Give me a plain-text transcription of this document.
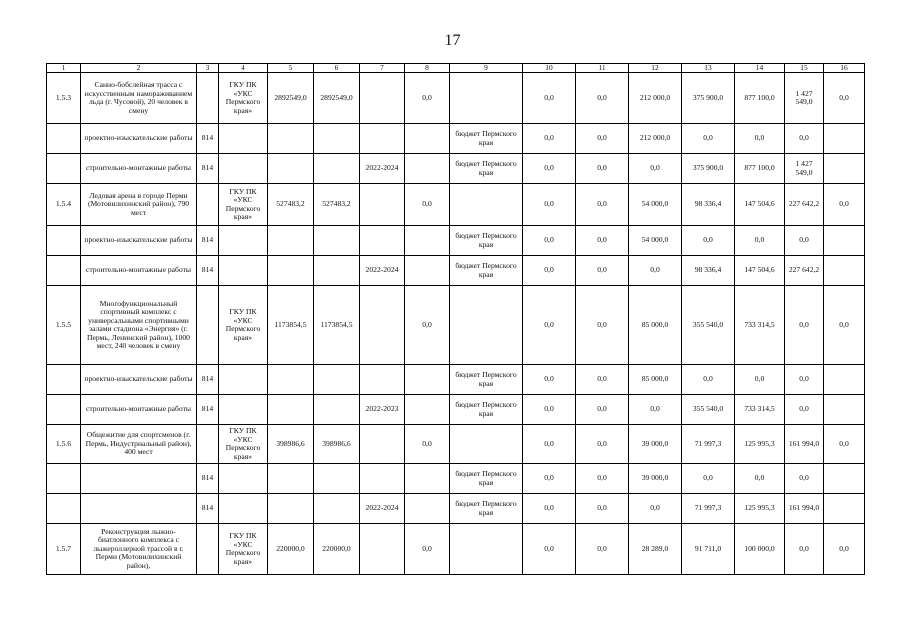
17
1	2	3	4	5	6	7	8	9	10	11	12	13	14	15	16
1.5.3	Санно-бобслейная трасса с искусственным намораживанием льда (г. Чусовой), 20 человек в смену		ГКУ ПК «УКС Пермского края»	2892549,0	2892549,0		0,0		0,0	0,0	212 000,0	375 900,0	877 100,0	1 427 549,0	0,0
	проектно-изыскательские работы	814						бюджет Пермского края	0,0	0,0	212 000,0	0,0	0,0	0,0	
	строительно-монтажные работы	814				2022-2024		бюджет Пермского края	0,0	0,0	0,0	375 900,0	877 100,0	1 427 549,0	
1.5.4	Ледовая арена в городе Перми (Мотовилихинский район), 790 мест		ГКУ ПК «УКС Пермского края»	527483,2	527483,2		0,0		0,0	0,0	54 000,0	98 336,4	147 504,6	227 642,2	0,0
	проектно-изыскательские работы	814						бюджет Пермского края	0,0	0,0	54 000,0	0,0	0,0	0,0	
	строительно-монтажные работы	814				2022-2024		бюджет Пермского края	0,0	0,0	0,0	98 336,4	147 504,6	227 642,2	
1.5.5	Многофункциональный спортивный комплекс с универсальными спортивными залами стадиона «Энергия» (г. Пермь, Ленинский район), 1000 мест, 240 человек в смену		ГКУ ПК «УКС Пермского края»	1173854,5	1173854,5		0,0		0,0	0,0	85 000,0	355 540,0	733 314,5	0,0	0,0
	проектно-изыскательские работы	814						бюджет Пермского края	0,0	0,0	85 000,0	0,0	0,0	0,0	
	строительно-монтажные работы	814				2022-2023		бюджет Пермского края	0,0	0,0	0,0	355 540,0	733 314,5	0,0	
1.5.6	Общежитие для спортсменов (г. Пермь, Индустриальный район), 400 мест		ГКУ ПК «УКС Пермского края»	398986,6	398986,6		0,0		0,0	0,0	39 000,0	71 997,3	125 995,3	161 994,0	0,0
		814						бюджет Пермского края	0,0	0,0	39 000,0	0,0	0,0	0,0	
		814				2022-2024		бюджет Пермского края	0,0	0,0	0,0	71 997,3	125 995,3	161 994,0	
1.5.7	Реконструкция лыжно-биатлонного комплекса с лыжероллерной трассой в г. Перми (Мотовилихинский район),		ГКУ ПК «УКС Пермского края»	220000,0	220000,0		0,0		0,0	0,0	28 289,0	91 711,0	100 000,0	0,0	0,0
